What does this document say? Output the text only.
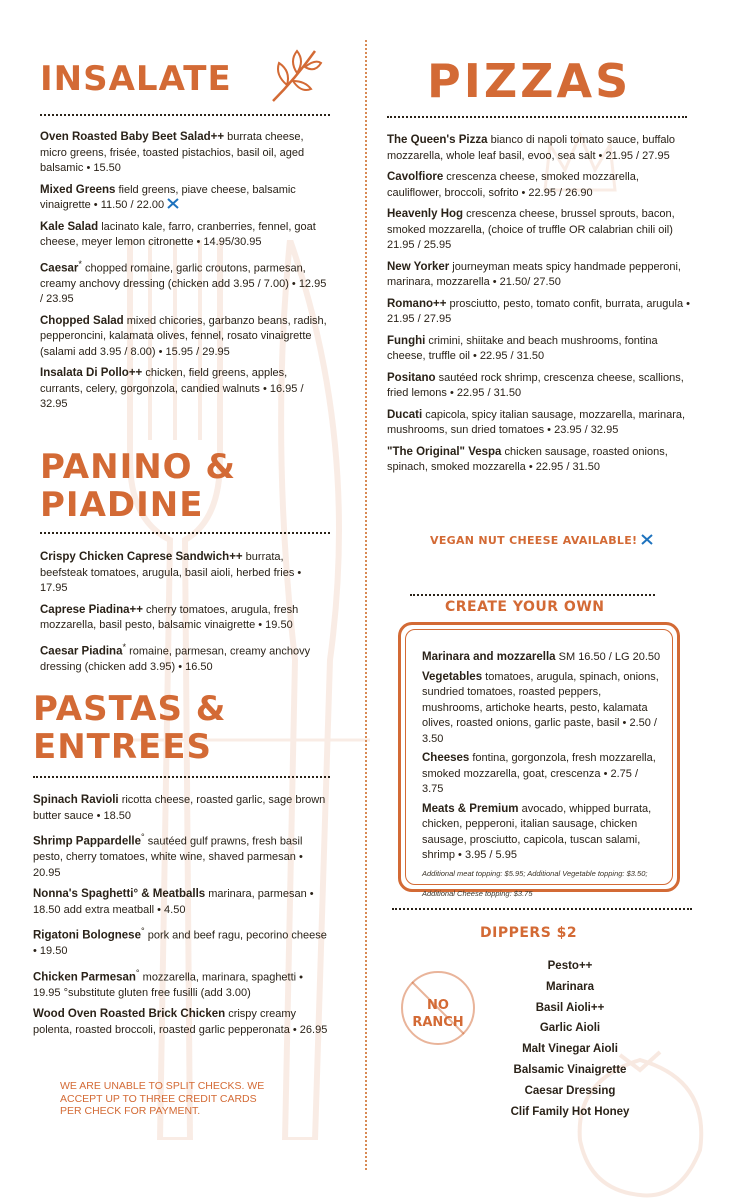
INSALATE
Oven Roasted Baby Beet Salad++ burrata cheese, micro greens, frisée, toasted pistachios, basil oil, aged balsamic • 15.50
Mixed Greens field greens, piave cheese, balsamic vinaigrette • 11.50 / 22.00
Kale Salad lacinato kale, farro, cranberries, fennel, goat cheese, meyer lemon citronette • 14.95/30.95
Caesar* chopped romaine, garlic croutons, parmesan, creamy anchovy dressing (chicken add 3.95 / 7.00) • 12.95 / 23.95
Chopped Salad mixed chicories, garbanzo beans, radish, pepperoncini, kalamata olives, fennel, rosato vinaigrette (salami add 3.95 / 8.00) • 15.95 / 29.95
Insalata Di Pollo++ chicken, field greens, apples, currants, celery, gorgonzola, candied walnuts • 16.95 / 32.95
PANINO &
PIADINE
Crispy Chicken Caprese Sandwich++ burrata, beefsteak tomatoes, arugula, basil aioli, herbed fries • 17.95
Caprese Piadina++ cherry tomatoes, arugula, fresh mozzarella, basil pesto, balsamic vinaigrette • 19.50
Caesar Piadina* romaine, parmesan, creamy anchovy dressing (chicken add 3.95) • 16.50
PASTAS &
ENTREES
Spinach Ravioli ricotta cheese, roasted garlic, sage brown butter sauce • 18.50
Shrimp Pappardelle° sautéed gulf prawns, fresh basil pesto, cherry tomatoes, white wine, shaved parmesan • 20.95
Nonna's Spaghetti° & Meatballs marinara, parmesan • 18.50 add extra meatball • 4.50
Rigatoni Bolognese° pork and beef ragu, pecorino cheese • 19.50
Chicken Parmesan° mozzarella, marinara, spaghetti • 19.95 °substitute gluten free fusilli (add 3.00)
Wood Oven Roasted Brick Chicken crispy creamy polenta, roasted broccoli, roasted garlic pepperonata • 26.95
WE ARE UNABLE TO SPLIT CHECKS. WE ACCEPT UP TO THREE CREDIT CARDS PER CHECK FOR PAYMENT.
PIZZAS
The Queen's Pizza bianco di napoli tomato sauce, buffalo mozzarella, whole leaf basil, evoo, sea salt • 21.95 / 27.95
Cavolfiore crescenza cheese, smoked mozzarella, cauliflower, broccoli, sofrito • 22.95 / 26.90
Heavenly Hog crescenza cheese, brussel sprouts, bacon, smoked mozzarella, (choice of truffle OR calabrian chili oil) 21.95 / 25.95
New Yorker journeyman meats spicy handmade pepperoni, marinara, mozzarella • 21.50/ 27.50
Romano++ prosciutto, pesto, tomato confit, burrata, arugula • 21.95 / 27.95
Funghi crimini, shiitake and beach mushrooms, fontina cheese, truffle oil • 22.95 / 31.50
Positano sautéed rock shrimp, crescenza cheese, scallions, fried lemons • 22.95 / 31.50
Ducati capicola, spicy italian sausage, mozzarella, marinara, mushrooms, sun dried tomatoes • 23.95 / 32.95
"The Original" Vespa chicken sausage, roasted onions, spinach, smoked mozzarella • 22.95 / 31.50
VEGAN NUT CHEESE AVAILABLE!
CREATE YOUR OWN
Marinara and mozzarella SM 16.50 / LG 20.50
Vegetables tomatoes, arugula, spinach, onions, sundried tomatoes, roasted peppers, mushrooms, artichoke hearts, pesto, kalamata olives, roasted onions, garlic paste, basil • 2.50 / 3.50
Cheeses fontina, gorgonzola, fresh mozzarella, smoked mozzarella, goat, crescenza • 2.75 / 3.75
Meats & Premium avocado, whipped burrata, chicken, pepperoni, italian sausage, chicken sausage, prosciutto, capicola, tuscan salami, shrimp • 3.95 / 5.95
Additional meat topping: $5.95; Additional Vegetable topping: $3.50;
Additional Cheese topping: $3.75
DIPPERS $2
NO
RANCH
Pesto++
Marinara
Basil Aioli++
Garlic Aioli
Malt Vinegar Aioli
Balsamic Vinaigrette
Caesar Dressing
Clif Family Hot Honey
